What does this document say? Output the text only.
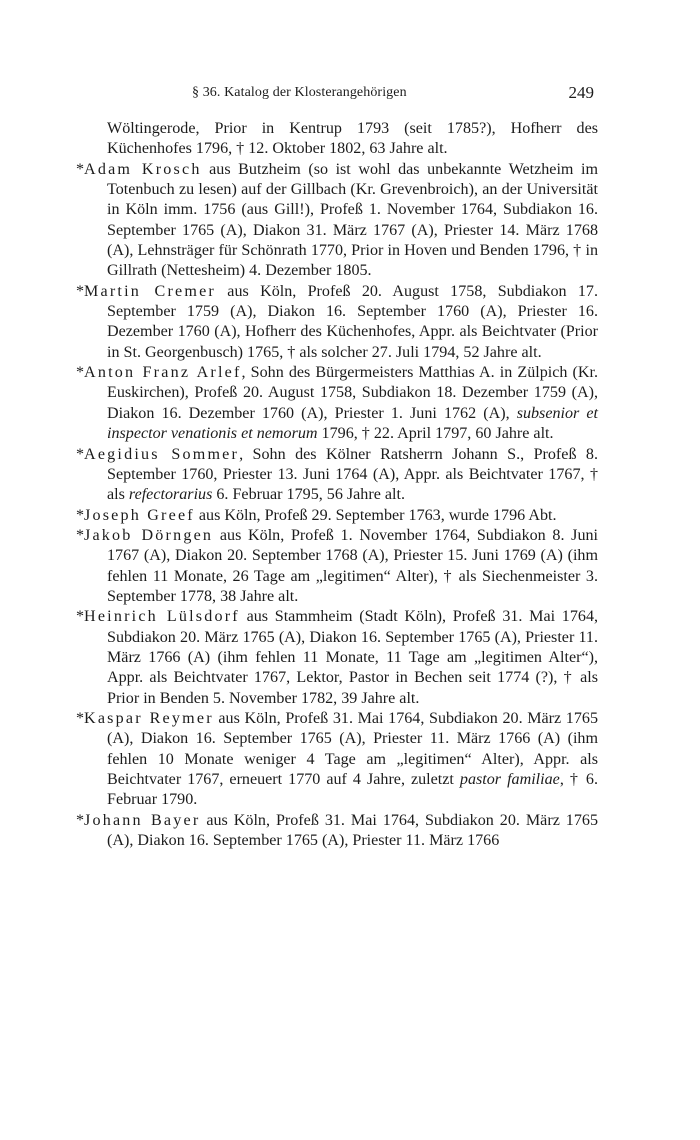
§ 36. Katalog der Klosterangehörigen	249

Wöltingerode, Prior in Kentrup 1793 (seit 1785?), Hofherr des Küchenhofes 1796, † 12. Oktober 1802, 63 Jahre alt.

*Adam Krosch aus Butzheim (so ist wohl das unbekannte Wetzheim im Totenbuch zu lesen) auf der Gillbach (Kr. Grevenbroich), an der Universität in Köln imm. 1756 (aus Gill!), Profeß 1. November 1764, Subdiakon 16. September 1765 (A), Diakon 31. März 1767 (A), Priester 14. März 1768 (A), Lehnsträger für Schönrath 1770, Prior in Hoven und Benden 1796, † in Gillrath (Nettesheim) 4. Dezember 1805.

*Martin Cremer aus Köln, Profeß 20. August 1758, Subdiakon 17. September 1759 (A), Diakon 16. September 1760 (A), Priester 16. Dezember 1760 (A), Hofherr des Küchenhofes, Appr. als Beichtvater (Prior in St. Georgenbusch) 1765, † als solcher 27. Juli 1794, 52 Jahre alt.

*Anton Franz Arlef, Sohn des Bürgermeisters Matthias A. in Zülpich (Kr. Euskirchen), Profeß 20. August 1758, Subdiakon 18. Dezember 1759 (A), Diakon 16. Dezember 1760 (A), Priester 1. Juni 1762 (A), subsenior et inspector venationis et nemorum 1796, † 22. April 1797, 60 Jahre alt.

*Aegidius Sommer, Sohn des Kölner Ratsherrn Johann S., Profeß 8. September 1760, Priester 13. Juni 1764 (A), Appr. als Beichtvater 1767, † als refectorarius 6. Februar 1795, 56 Jahre alt.

*Joseph Greef aus Köln, Profeß 29. September 1763, wurde 1796 Abt.

*Jakob Dörngen aus Köln, Profeß 1. November 1764, Subdiakon 8. Juni 1767 (A), Diakon 20. September 1768 (A), Priester 15. Juni 1769 (A) (ihm fehlen 11 Monate, 26 Tage am „legitimen“ Alter), † als Siechenmeister 3. September 1778, 38 Jahre alt.

*Heinrich Lülsdorf aus Stammheim (Stadt Köln), Profeß 31. Mai 1764, Subdiakon 20. März 1765 (A), Diakon 16. September 1765 (A), Priester 11. März 1766 (A) (ihm fehlen 11 Monate, 11 Tage am „legitimen Alter“), Appr. als Beichtvater 1767, Lektor, Pastor in Bechen seit 1774 (?), † als Prior in Benden 5. November 1782, 39 Jahre alt.

*Kaspar Reymer aus Köln, Profeß 31. Mai 1764, Subdiakon 20. März 1765 (A), Diakon 16. September 1765 (A), Priester 11. März 1766 (A) (ihm fehlen 10 Monate weniger 4 Tage am „legitimen“ Alter), Appr. als Beichtvater 1767, erneuert 1770 auf 4 Jahre, zuletzt pastor familiae, † 6. Februar 1790.

*Johann Bayer aus Köln, Profeß 31. Mai 1764, Subdiakon 20. März 1765 (A), Diakon 16. September 1765 (A), Priester 11. März 1766
